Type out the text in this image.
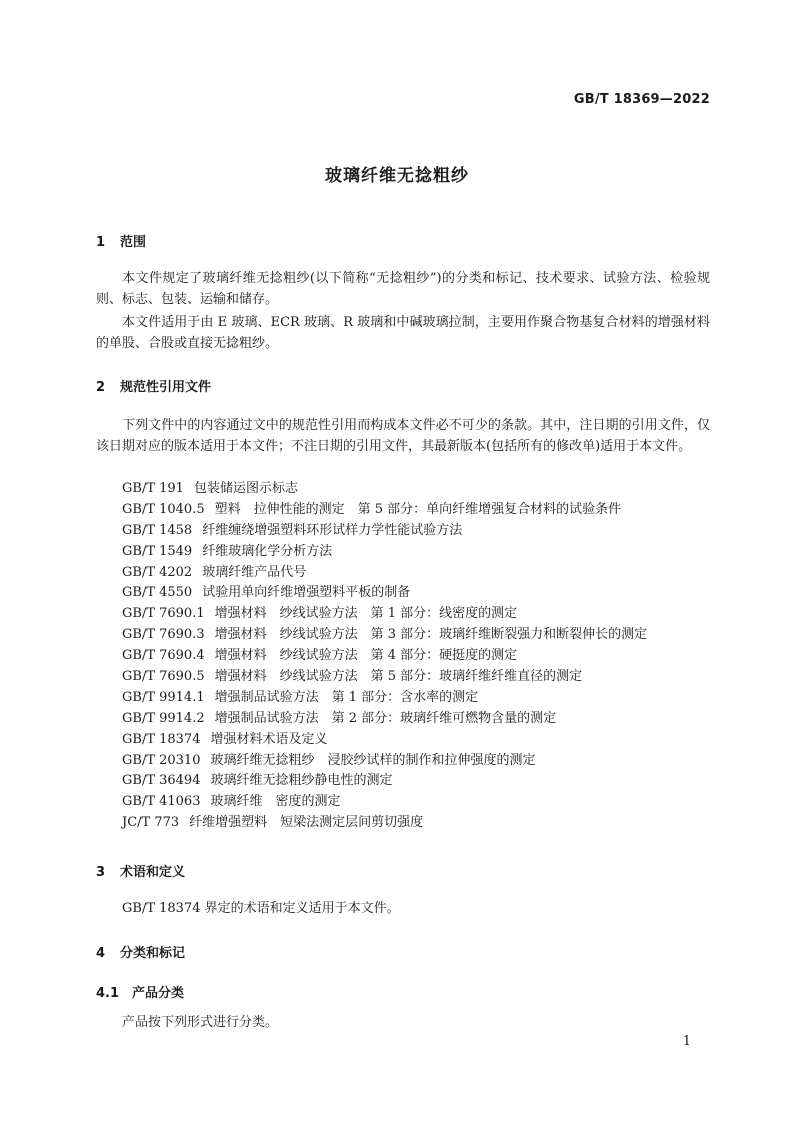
GB/T 18369—2022
玻璃纤维无捻粗纱
1 范围

本文件规定了玻璃纤维无捻粗纱(以下简称“无捻粗纱”)的分类和标记、技术要求、试验方法、检验规则、标志、包装、运输和储存。

本文件适用于由 E 玻璃、ECR 玻璃、R 玻璃和中碱玻璃拉制，主要用作聚合物基复合材料的增强材料的单股、合股或直接无捻粗纱。

2 规范性引用文件

下列文件中的内容通过文中的规范性引用而构成本文件必不可少的条款。其中，注日期的引用文件，仅该日期对应的版本适用于本文件；不注日期的引用文件，其最新版本(包括所有的修改单)适用于本文件。

GB/T 191 包装储运图示标志
GB/T 1040.5 塑料　拉伸性能的测定　第 5 部分：单向纤维增强复合材料的试验条件
GB/T 1458 纤维缠绕增强塑料环形试样力学性能试验方法
GB/T 1549 纤维玻璃化学分析方法
GB/T 4202 玻璃纤维产品代号
GB/T 4550 试验用单向纤维增强塑料平板的制备
GB/T 7690.1 增强材料　纱线试验方法　第 1 部分：线密度的测定
GB/T 7690.3 增强材料　纱线试验方法　第 3 部分：玻璃纤维断裂强力和断裂伸长的测定
GB/T 7690.4 增强材料　纱线试验方法　第 4 部分：硬挺度的测定
GB/T 7690.5 增强材料　纱线试验方法　第 5 部分：玻璃纤维纤维直径的测定
GB/T 9914.1 增强制品试验方法　第 1 部分：含水率的测定
GB/T 9914.2 增强制品试验方法　第 2 部分：玻璃纤维可燃物含量的测定
GB/T 18374 增强材料术语及定义
GB/T 20310 玻璃纤维无捻粗纱　浸胶纱试样的制作和拉伸强度的测定
GB/T 36494 玻璃纤维无捻粗纱静电性的测定
GB/T 41063 玻璃纤维　密度的测定
JC/T 773 纤维增强塑料　短梁法测定层间剪切强度
3 术语和定义

GB/T 18374 界定的术语和定义适用于本文件。

4 分类和标记
4.1 产品分类

产品按下列形式进行分类。

1
